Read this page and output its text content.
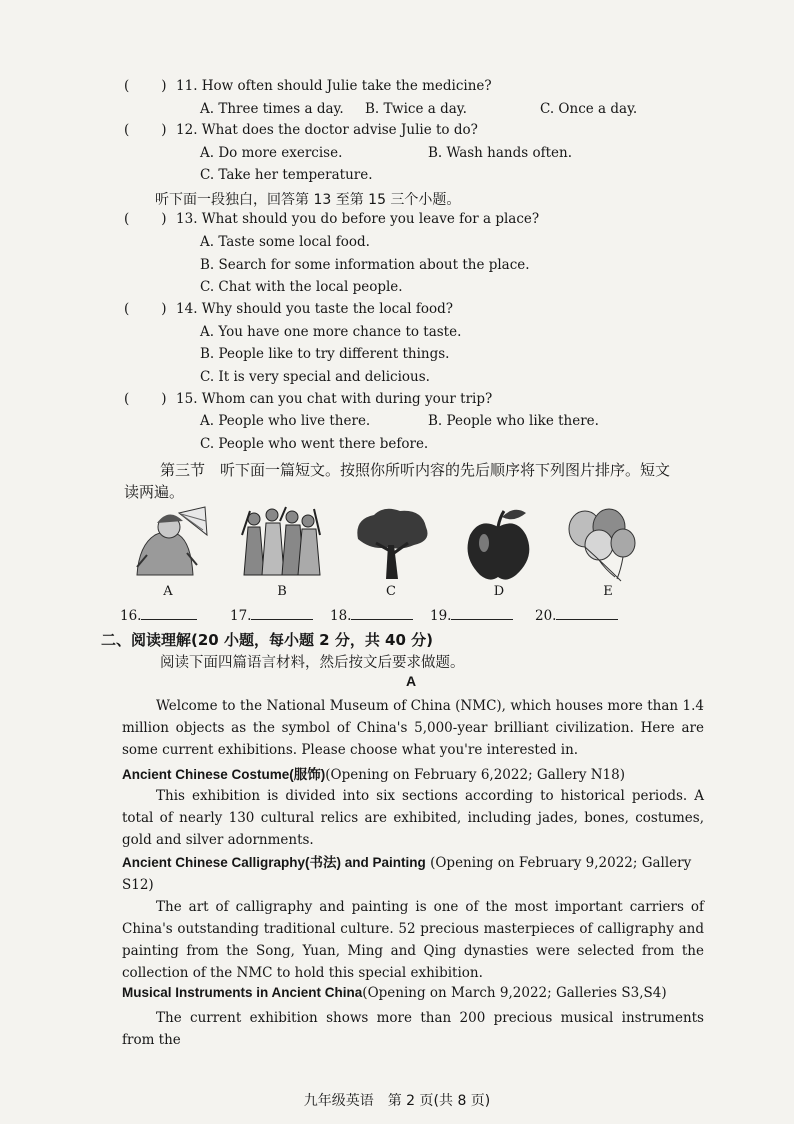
( ) 11. How often should Julie take the medicine?
A. Three times a day. B. Twice a day.	C. Once a day.
( ) 12. What does the doctor advise Julie to do?
A. Do more exercise.	B. Wash hands often.
C. Take her temperature.
听下面一段独白，回答第 13 至第 15 三个小题。
( ) 13. What should you do before you leave for a place?
A. Taste some local food.
B. Search for some information about the place.
C. Chat with the local people.
( ) 14. Why should you taste the local food?
A. You have one more chance to taste.
B. People like to try different things.
C. It is very special and delicious.
( ) 15. Whom can you chat with during your trip?
A. People who live there.	B. People who like there.
C. People who went there before.
第三节　听下面一篇短文。按照你所听内容的先后顺序将下列图片排序。短文
读两遍。
A	B	C	D	E
16.	17.	18.	19.	20.
二、阅读理解(20 小题，每小题 2 分，共 40 分)
阅读下面四篇语言材料，然后按文后要求做题。
A
Welcome to the National Museum of China (NMC), which houses more than 1.4 million objects as the symbol of China's 5,000-year brilliant civilization. Here are some current exhibitions. Please choose what you're interested in.
Ancient Chinese Costume(服饰)(Opening on February 6,2022; Gallery N18)
This exhibition is divided into six sections according to historical periods. A total of nearly 130 cultural relics are exhibited, including jades, bones, costumes, gold and silver adornments.
Ancient Chinese Calligraphy(书法) and Painting (Opening on February 9,2022; Gallery S12)
The art of calligraphy and painting is one of the most important carriers of China's outstanding traditional culture. 52 precious masterpieces of calligraphy and painting from the Song, Yuan, Ming and Qing dynasties were selected from the collection of the NMC to hold this special exhibition.
Musical Instruments in Ancient China(Opening on March 9,2022; Galleries S3,S4)
The current exhibition shows more than 200 precious musical instruments from the
九年级英语　第 2 页(共 8 页)
